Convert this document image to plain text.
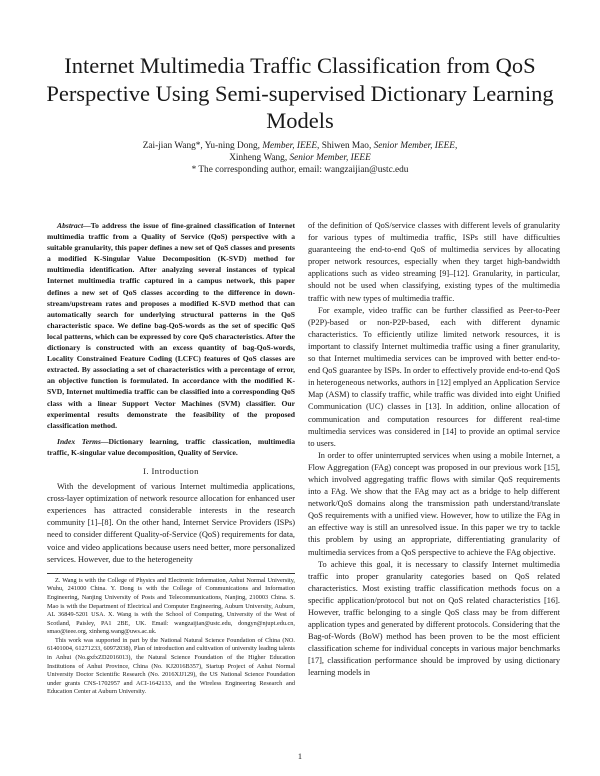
Internet Multimedia Traffic Classification from QoS Perspective Using Semi-supervised Dictionary Learning Models
Zai-jian Wang*, Yu-ning Dong, Member, IEEE, Shiwen Mao, Senior Member, IEEE,
Xinheng Wang, Senior Member, IEEE
* The corresponding author, email: wangzaijian@ustc.edu

Abstract—To address the issue of fine-grained classification of Internet multimedia traffic from a Quality of Service (QoS) perspective with a suitable granularity, this paper defines a new set of QoS classes and presents a modified K-Singular Value Decomposition (K-SVD) method for multimedia identification. After analyzing several instances of typical Internet multimedia traffic captured in a campus network, this paper defines a new set of QoS classes according to the difference in down-stream/upstream rates and proposes a modified K-SVD method that can automatically search for underlying structural patterns in the QoS characteristic space. We define bag-QoS-words as the set of specific QoS local patterns, which can be expressed by core QoS characteristics. After the dictionary is constructed with an excess quantity of bag-QoS-words, Locality Constrained Feature Coding (LCFC) features of QoS classes are extracted. By associating a set of characteristics with a percentage of error, an objective function is formulated. In accordance with the modified K-SVD, Internet multimedia traffic can be classified into a corresponding QoS class with a linear Support Vector Machines (SVM) classifier. Our experimental results demonstrate the feasibility of the proposed classification method.

Index Terms—Dictionary learning, traffic classication, multimedia traffic, K-singular value decomposition, Quality of Service.

I. Introduction

With the development of various Internet multimedia applications, cross-layer optimization of network resource allocation for enhanced user experiences has attracted considerable interests in the research community [1]–[8]. On the other hand, Internet Service Providers (ISPs) need to consider different Quality-of-Service (QoS) requirements for data, voice and video applications because users need better, more personalized services. However, due to the heterogeneity

Z. Wang is with the College of Physics and Electronic Information, Anhui Normal University, Wuhu, 241000 China. Y. Dong is with the College of Communications and Information Engineering, Nanjing University of Posts and Telecommunications, Nanjing, 210003 China. S. Mao is with the Department of Electrical and Computer Engineering, Auburn University, Auburn, AL 36849-5201 USA. X. Wang is with the School of Computing, University of the West of Scotland, Paisley, PA1 2BE, UK. Email: wangzaijian@ustc.edu, dongyn@njupt.edu.cn, smao@ieee.org, xinheng.wang@uws.ac.uk.

This work was supported in part by the National Natural Science Foundation of China (NO. 61401004, 61271233, 60972038), Plan of introduction and cultivation of university leading talents in Anhui (No.gxfxZD2016013), the Natural Science Foundation of the Higher Education Institutions of Anhui Province, China (No. KJ2016B357), Startup Project of Anhui Normal University Doctor Scientific Research (No. 2016XJJ129), the US National Science Foundation under grants CNS-1702957 and ACI-1642133, and the Wireless Engineering Research and Education Center at Auburn University.

of the definition of QoS/service classes with different levels of granularity for various types of multimedia traffic, ISPs still have difficulties guaranteeing the end-to-end QoS of multimedia services by allocating proper network resources, especially when they target high-bandwidth applications such as video streaming [9]–[12]. Granularity, in particular, should not be used when classifying, existing types of the multimedia traffic with new types of multimedia traffic.

For example, video traffic can be further classified as Peer-to-Peer (P2P)-based or non-P2P-based, each with different dynamic characteristics. To efficiently utilize limited network resources, it is important to classify Internet multimedia traffic using a finer granularity, so that Internet multimedia services can be improved with better end-to-end QoS guarantee by ISPs. In order to effectively provide end-to-end QoS in heterogeneous networks, authors in [12] emplyed an Application Service Map (ASM) to classify traffic, while traffic was divided into eight Unified Communication (UC) classes in [13]. In addition, online allocation of communication and computation resources for different real-time multimedia services was considered in [14] to provide an optimal service to users.

In order to offer uninterrupted services when using a mobile Internet, a Flow Aggregation (FAg) concept was proposed in our previous work [15], which involved aggregating traffic flows with similar QoS requirements into a FAg. We show that the FAg may act as a bridge to help different network/QoS domains along the transmission path understand/translate QoS requirements with a unified view. However, how to utilize the FAg in an effective way is still an unresolved issue. In this paper we try to tackle this problem by using an appropriate, differentiating granularity of multimedia services from a QoS perspective to achieve the FAg objective.

To achieve this goal, it is necessary to classify Internet multimedia traffic into proper granularity categories based on QoS related characteristics. Most existing traffic classification methods focus on a specific application/protocol but not on QoS related characteristics [16]. However, traffic belonging to a single QoS class may be from different application types and generated by different protocols. Considering that the Bag-of-Words (BoW) method has been proven to be the most efficient classification scheme for individual concepts in various major benchmarks [17], classification performance should be improved by using dictionary learning models in

1
